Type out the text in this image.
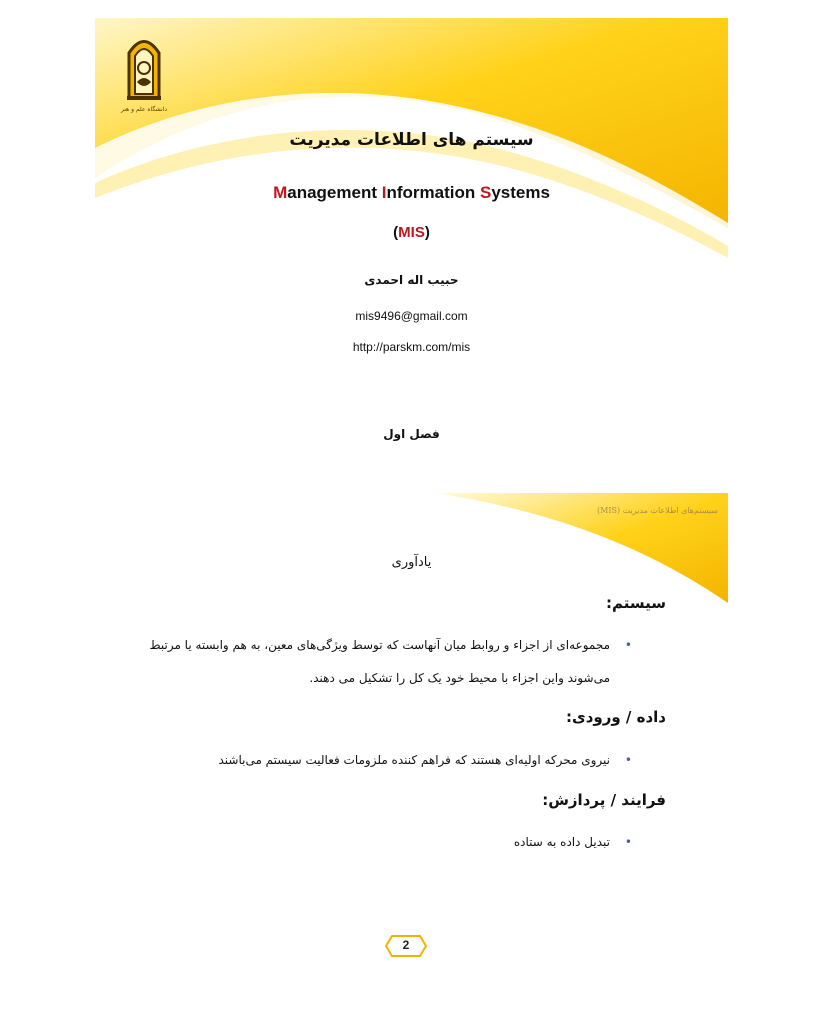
دانشگاه علم و هنر
سیستم های اطلاعات مدیریت
Management Information Systems
(MIS)
حبیب اله احمدی
mis9496@gmail.com
http://parskm.com/mis
فصل اول
سیستم‌های اطلاعات مدیریت (MIS)
یادآوری
سیستم:
•
مجموعه‌ای از اجزاء و روابط میان آنهاست که توسط ویژگی‌های معین، به هم وابسته یا مرتبط
می‌شوند واین اجزاء با محیط خود یک کل را تشکیل می دهند.
داده / ورودی:
•
نیروی محرکه اولیه‌ای هستند که فراهم کننده ملزومات فعالیت سیستم می‌باشند
فرایند / پردازش:
•
تبدیل داده به ستاده
2
